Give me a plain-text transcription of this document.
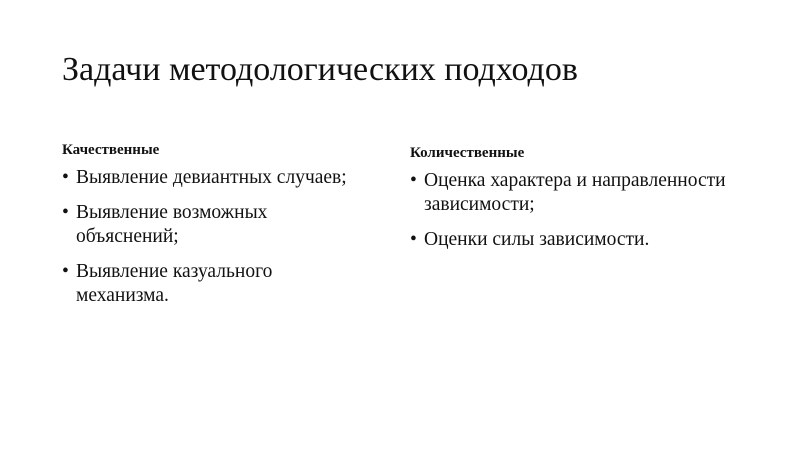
Задачи методологических подходов
Качественные
• Выявление девиантных случаев;
• Выявление возможных объяснений;
• Выявление казуального механизма.
Количественные
• Оценка характера и направленности зависимости;
• Оценки силы зависимости.
